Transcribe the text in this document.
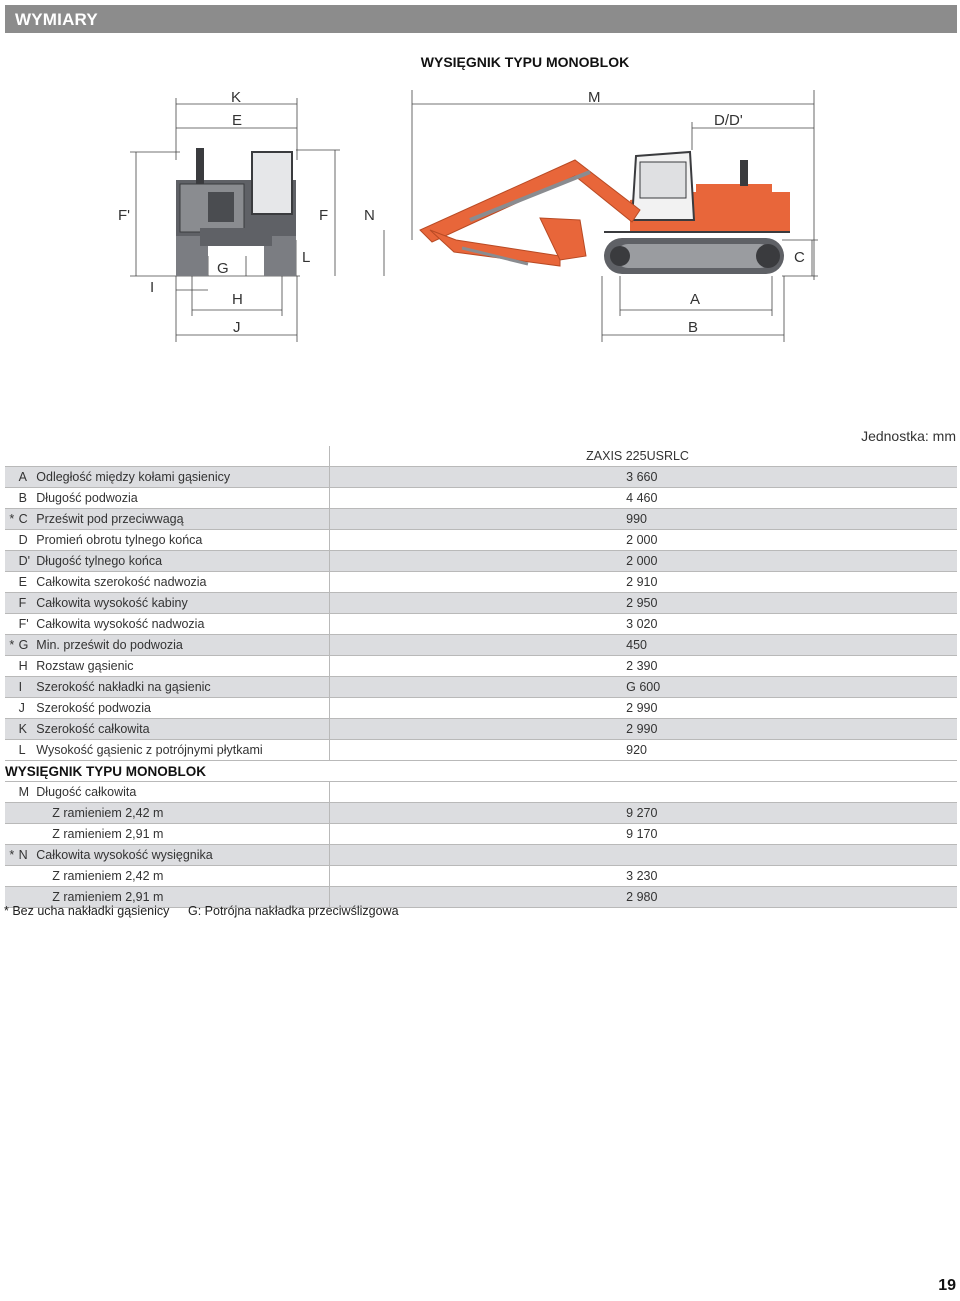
WYMIARY
WYSIĘGNIK TYPU MONOBLOK
K
E
M
D/D'
F'	F N
G
L	C
I
H	A
J	B
Jednostka: mm
			ZAXIS 225USRLC
	A	Odległość między kołami gąsienicy	3 660
	B	Długość podwozia	4 460
*	C	Prześwit pod przeciwwagą	990
	D	Promień obrotu tylnego końca	2 000
	D'	Długość tylnego końca	2 000
	E	Całkowita szerokość nadwozia	2 910
	F	Całkowita wysokość kabiny	2 950
	F'	Całkowita wysokość nadwozia	3 020
*	G	Min. prześwit do podwozia	450
	H	Rozstaw gąsienic	2 390
	I	Szerokość nakładki na gąsienic	G 600
	J	Szerokość podwozia	2 990
	K	Szerokość całkowita	2 990
	L	Wysokość gąsienic z potrójnymi płytkami	920
WYSIĘGNIK TYPU MONOBLOK			
	M	Długość całkowita	
		Z ramieniem 2,42 m	9 270
		Z ramieniem 2,91 m	9 170
*	N	Całkowita wysokość wysięgnika	
		Z ramieniem 2,42 m	3 230
		Z ramieniem 2,91 m	2 980
* Bez ucha nakładki gąsienicy G: Potrójna nakładka przeciwślizgowa
19
